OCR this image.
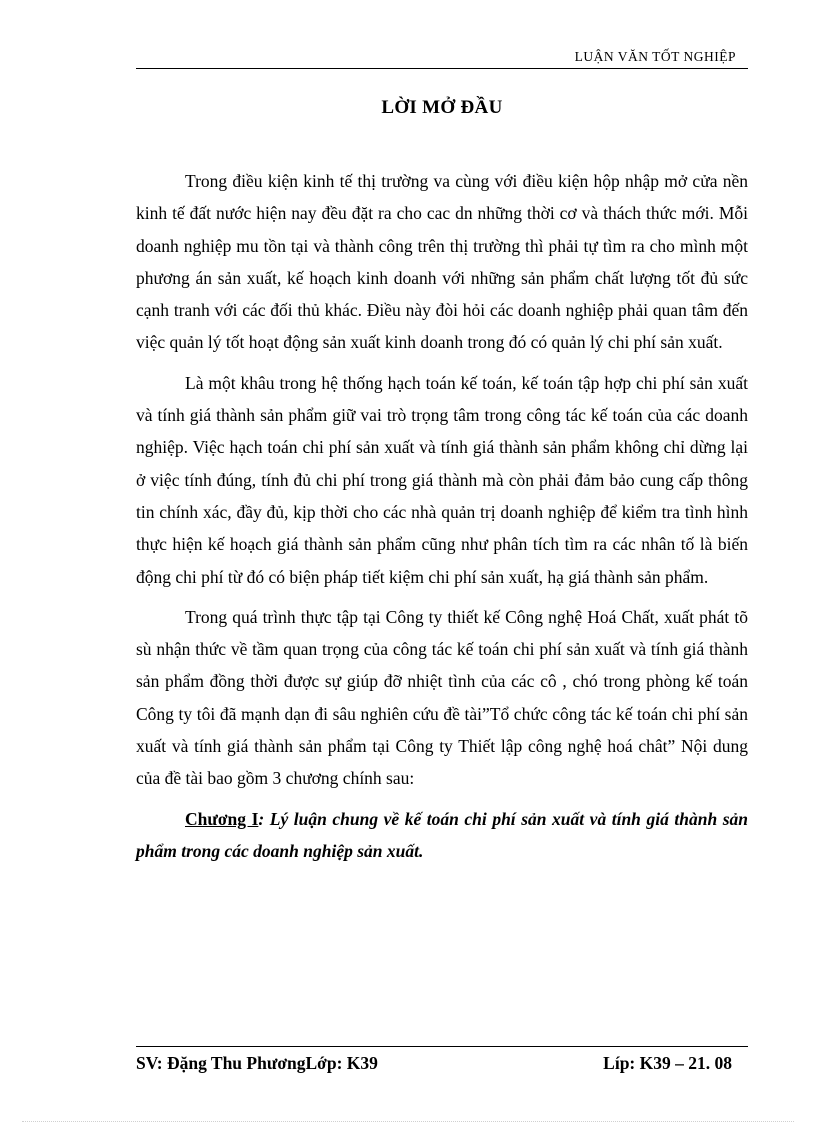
LUẬN VĂN TỐT NGHIỆP
LỜI MỞ ĐẦU

Trong điều kiện kinh tế thị trường va cùng với điều kiện hộp nhập mở cửa nền kinh tế đất nước hiện nay đều đặt ra cho cac dn những thời cơ và thách thức mới. Mỗi doanh nghiệp mu tồn tại và thành công trên thị trường thì phải tự tìm ra cho mình một phương án sản xuất, kế hoạch kinh doanh với những sản phẩm chất lượng tốt đủ sức cạnh tranh với các đối thủ khác. Điều này đòi hỏi các doanh nghiệp phải quan tâm đến việc quản lý tốt hoạt động sản xuất kinh doanh trong đó có quản lý chi phí sản xuất.

Là một khâu trong hệ thống hạch toán kế toán, kế toán tập hợp chi phí sản xuất và tính giá thành sản phẩm giữ vai trò trọng tâm trong công tác kế toán của các doanh nghiệp. Việc hạch toán chi phí sản xuất và tính giá thành sản phẩm không chỉ dừng lại ở việc tính đúng, tính đủ chi phí trong giá thành mà còn phải đảm bảo cung cấp thông tin chính xác, đầy đủ, kịp thời cho các nhà quản trị doanh nghiệp để kiểm tra tình hình thực hiện kế hoạch giá thành sản phẩm cũng như phân tích tìm ra các nhân tố là biến động chi phí từ đó có biện pháp tiết kiệm chi phí sản xuất, hạ giá thành sản phẩm.

Trong quá trình thực tập tại Công ty thiết kế Công nghệ Hoá Chất, xuất phát tõ sù nhận thức về tầm quan trọng của công tác kế toán chi phí sản xuất và tính giá thành sản phẩm đồng thời được sự giúp đỡ nhiệt tình của các cô , chó trong phòng kế toán Công ty tôi đã mạnh dạn đi sâu nghiên cứu đề tài”Tổ chức công tác kế toán chi phí sản xuất và tính giá thành sản phẩm tại Công ty Thiết lập công nghệ hoá chât” Nội dung của đề tài bao gồm 3 chương chính sau:

Chương I: Lý luận chung về kế toán chi phí sản xuất và tính giá thành sản phẩm trong các doanh nghiệp sản xuất.

SV: Đặng Thu PhươngLớp: K39	Líp: K39 – 21. 08
